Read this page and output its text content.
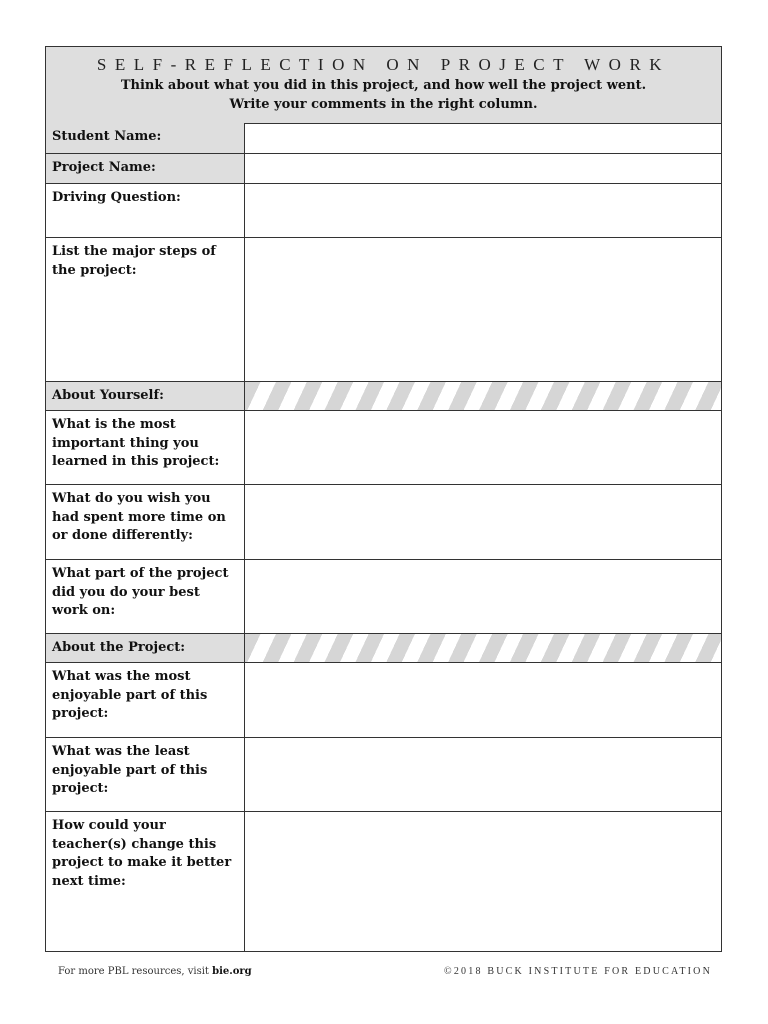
SELF-REFLECTION ON PROJECT WORK
Think about what you did in this project, and how well the project went.
Write your comments in the right column.
Student Name:
Project Name:
Driving Question:
List the major steps of the project:
About Yourself:
What is the most important thing you learned in this project:
What do you wish you had spent more time on or done differently:
What part of the project did you do your best work on:
About the Project:
What was the most enjoyable part of this project:
What was the least enjoyable part of this project:
How could your teacher(s) change this project to make it better next time:
For more PBL resources, visit bie.org	©2018 BUCK INSTITUTE FOR EDUCATION
